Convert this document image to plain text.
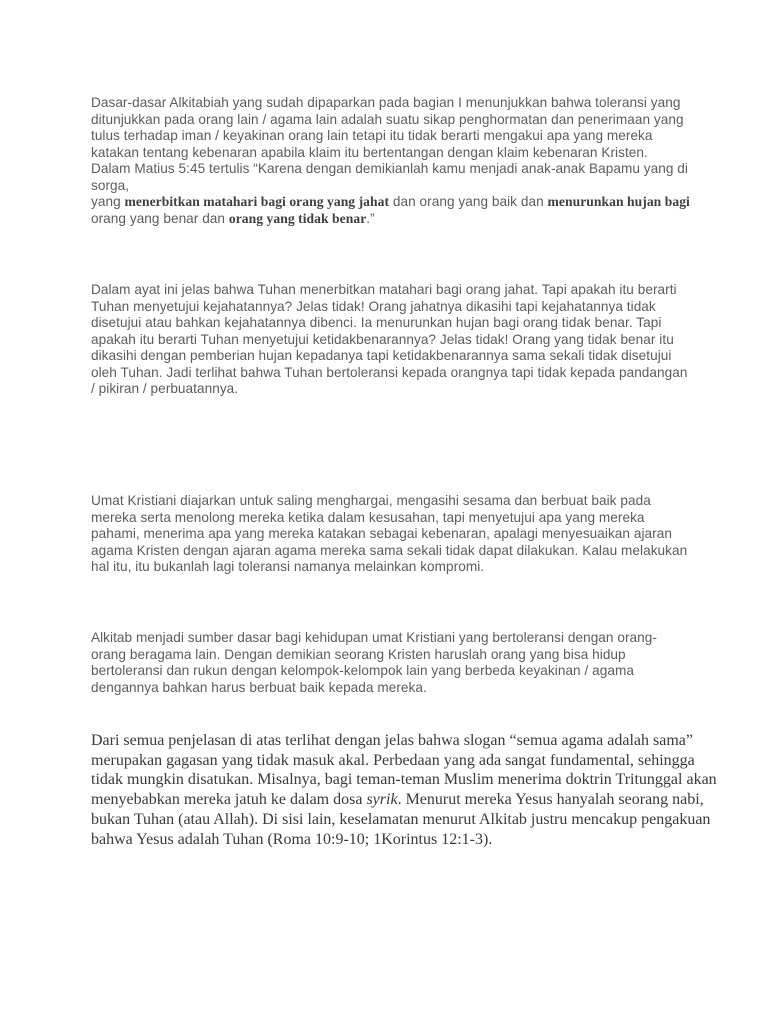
Dasar-dasar Alkitabiah yang sudah dipaparkan pada bagian I menunjukkan bahwa toleransi yang ditunjukkan pada orang lain / agama lain adalah suatu sikap penghormatan dan penerimaan yang tulus terhadap iman / keyakinan orang lain tetapi itu tidak berarti mengakui apa yang mereka katakan tentang kebenaran apabila klaim itu bertentangan dengan klaim kebenaran Kristen. Dalam Matius 5:45 tertulis “Karena dengan demikianlah kamu menjadi anak-anak Bapamu yang di sorga,
yang menerbitkan matahari bagi orang yang jahat dan orang yang baik dan menurunkan hujan bagi orang yang benar dan orang yang tidak benar.”

Dalam ayat ini jelas bahwa Tuhan menerbitkan matahari bagi orang jahat. Tapi apakah itu berarti Tuhan menyetujui kejahatannya? Jelas tidak! Orang jahatnya dikasihi tapi kejahatannya tidak disetujui atau bahkan kejahatannya dibenci. Ia menurunkan hujan bagi orang tidak benar. Tapi apakah itu berarti Tuhan menyetujui ketidakbenarannya? Jelas tidak! Orang yang tidak benar itu dikasihi dengan pemberian hujan kepadanya tapi ketidakbenarannya sama sekali tidak disetujui oleh Tuhan. Jadi terlihat bahwa Tuhan bertoleransi kepada orangnya tapi tidak kepada pandangan / pikiran / perbuatannya.

Umat Kristiani diajarkan untuk saling menghargai, mengasihi sesama dan berbuat baik pada mereka serta menolong mereka ketika dalam kesusahan, tapi menyetujui apa yang mereka pahami, menerima apa yang mereka katakan sebagai kebenaran, apalagi menyesuaikan ajaran agama Kristen dengan ajaran agama mereka sama sekali tidak dapat dilakukan. Kalau melakukan hal itu, itu bukanlah lagi toleransi namanya melainkan kompromi.

Alkitab menjadi sumber dasar bagi kehidupan umat Kristiani yang bertoleransi dengan orang-orang beragama lain. Dengan demikian seorang Kristen haruslah orang yang bisa hidup bertoleransi dan rukun dengan kelompok-kelompok lain yang berbeda keyakinan / agama dengannya bahkan harus berbuat baik kepada mereka.

Dari semua penjelasan di atas terlihat dengan jelas bahwa slogan “semua agama adalah sama” merupakan gagasan yang tidak masuk akal. Perbedaan yang ada sangat fundamental, sehingga tidak mungkin disatukan. Misalnya, bagi teman-teman Muslim menerima doktrin Tritunggal akan menyebabkan mereka jatuh ke dalam dosa syrik. Menurut mereka Yesus hanyalah seorang nabi, bukan Tuhan (atau Allah). Di sisi lain, keselamatan menurut Alkitab justru mencakup pengakuan bahwa Yesus adalah Tuhan (Roma 10:9-10; 1Korintus 12:1-3).
